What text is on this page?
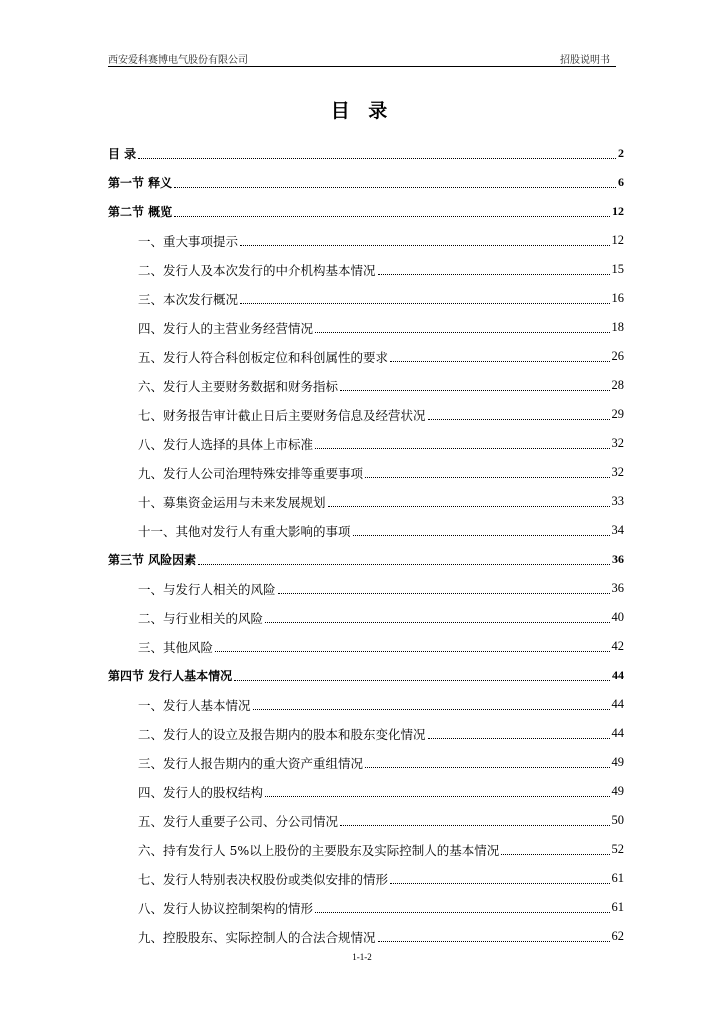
西安爱科赛博电气股份有限公司	招股说明书
目 录
目 录	2
第一节 释义	6
第二节 概览	12
一、重大事项提示	12
二、发行人及本次发行的中介机构基本情况	15
三、本次发行概况	16
四、发行人的主营业务经营情况	18
五、发行人符合科创板定位和科创属性的要求	26
六、发行人主要财务数据和财务指标	28
七、财务报告审计截止日后主要财务信息及经营状况	29
八、发行人选择的具体上市标准	32
九、发行人公司治理特殊安排等重要事项	32
十、募集资金运用与未来发展规划	33
十一、其他对发行人有重大影响的事项	34
第三节 风险因素	36
一、与发行人相关的风险	36
二、与行业相关的风险	40
三、其他风险	42
第四节 发行人基本情况	44
一、发行人基本情况	44
二、发行人的设立及报告期内的股本和股东变化情况	44
三、发行人报告期内的重大资产重组情况	49
四、发行人的股权结构	49
五、发行人重要子公司、分公司情况	50
六、持有发行人 5%以上股份的主要股东及实际控制人的基本情况	52
七、发行人特别表决权股份或类似安排的情形	61
八、发行人协议控制架构的情形	61
九、控股股东、实际控制人的合法合规情况	62
1-1-2
